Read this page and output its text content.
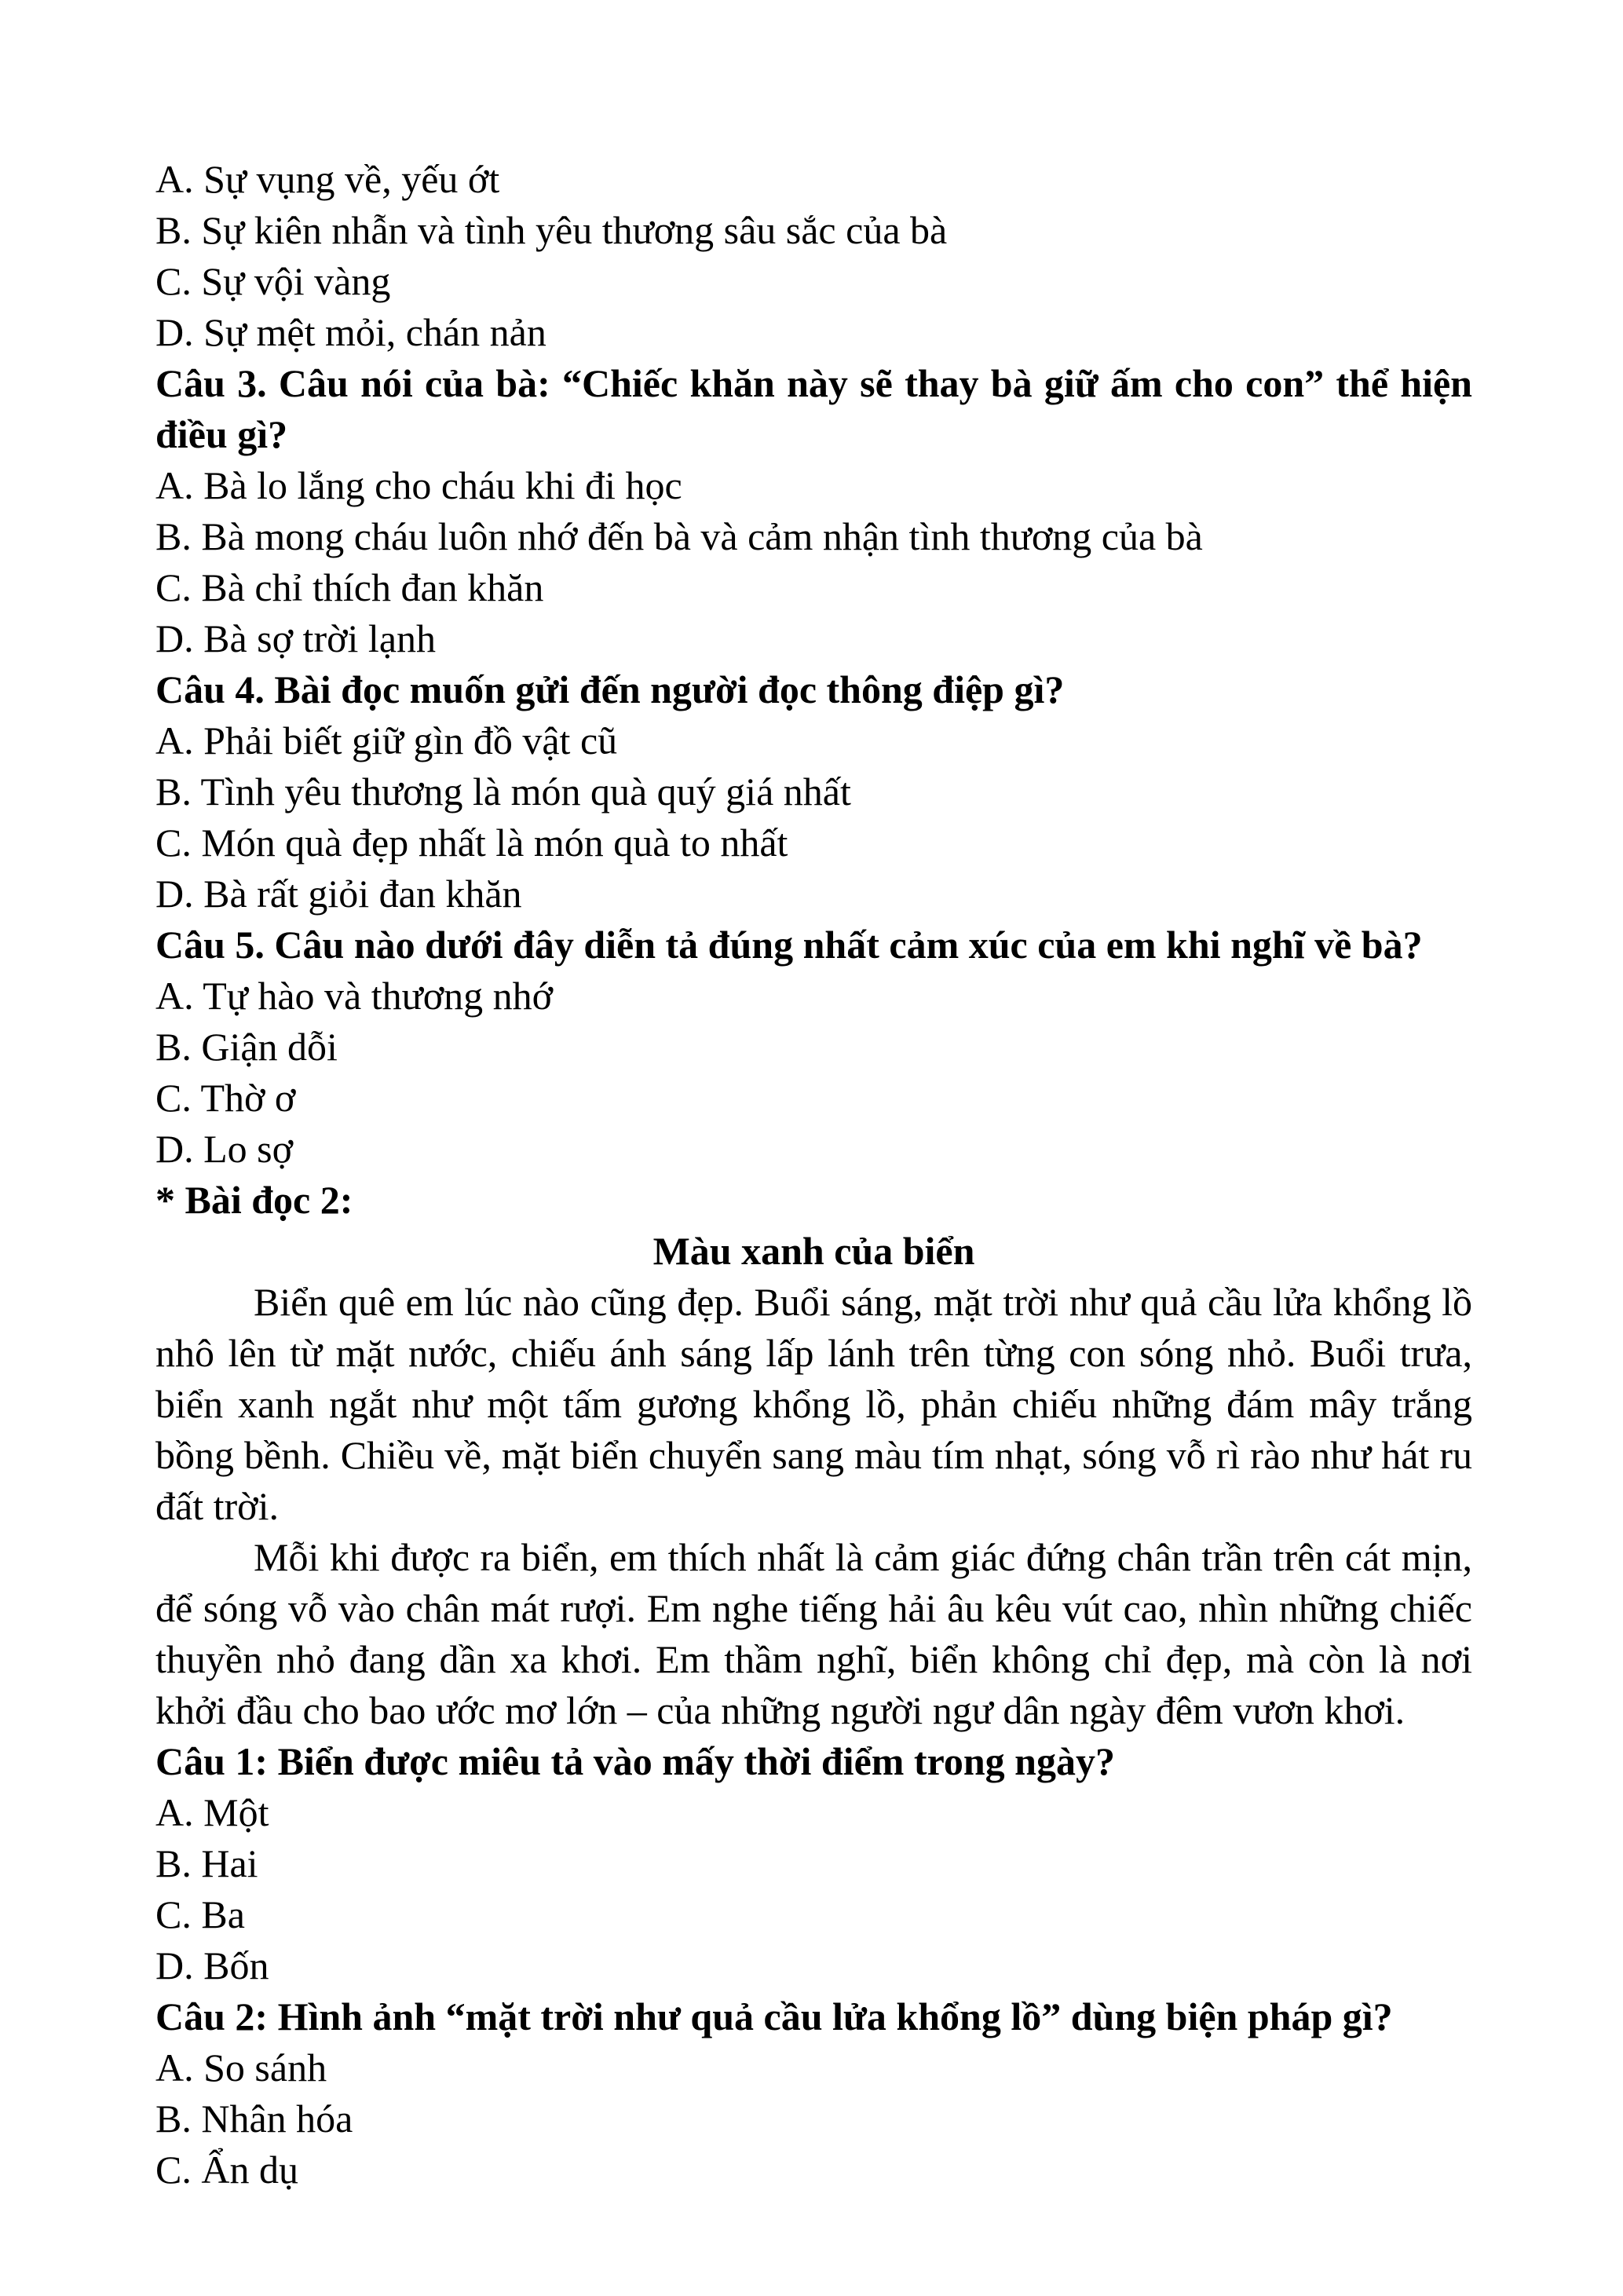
A. Sự vụng về, yếu ớt
B. Sự kiên nhẫn và tình yêu thương sâu sắc của bà
C. Sự vội vàng
D. Sự mệt mỏi, chán nản
Câu 3. Câu nói của bà: “Chiếc khăn này sẽ thay bà giữ ấm cho con” thể hiện điều gì?
A. Bà lo lắng cho cháu khi đi học
B. Bà mong cháu luôn nhớ đến bà và cảm nhận tình thương của bà
C. Bà chỉ thích đan khăn
D. Bà sợ trời lạnh
Câu 4. Bài đọc muốn gửi đến người đọc thông điệp gì?
A. Phải biết giữ gìn đồ vật cũ
B. Tình yêu thương là món quà quý giá nhất
C. Món quà đẹp nhất là món quà to nhất
D. Bà rất giỏi đan khăn
Câu 5. Câu nào dưới đây diễn tả đúng nhất cảm xúc của em khi nghĩ về bà?
A. Tự hào và thương nhớ
B. Giận dỗi
C. Thờ ơ
D. Lo sợ
* Bài đọc 2:
Màu xanh của biển
Biển quê em lúc nào cũng đẹp. Buổi sáng, mặt trời như quả cầu lửa khổng lồ nhô lên từ mặt nước, chiếu ánh sáng lấp lánh trên từng con sóng nhỏ. Buổi trưa, biển xanh ngắt như một tấm gương khổng lồ, phản chiếu những đám mây trắng bồng bềnh. Chiều về, mặt biển chuyển sang màu tím nhạt, sóng vỗ rì rào như hát ru đất trời.
Mỗi khi được ra biển, em thích nhất là cảm giác đứng chân trần trên cát mịn, để sóng vỗ vào chân mát rượi. Em nghe tiếng hải âu kêu vút cao, nhìn những chiếc thuyền nhỏ đang dần xa khơi. Em thầm nghĩ, biển không chỉ đẹp, mà còn là nơi khởi đầu cho bao ước mơ lớn – của những người ngư dân ngày đêm vươn khơi.
Câu 1: Biển được miêu tả vào mấy thời điểm trong ngày?
A. Một
B. Hai
C. Ba
D. Bốn
Câu 2: Hình ảnh “mặt trời như quả cầu lửa khổng lồ” dùng biện pháp gì?
A. So sánh
B. Nhân hóa
C. Ẩn dụ
